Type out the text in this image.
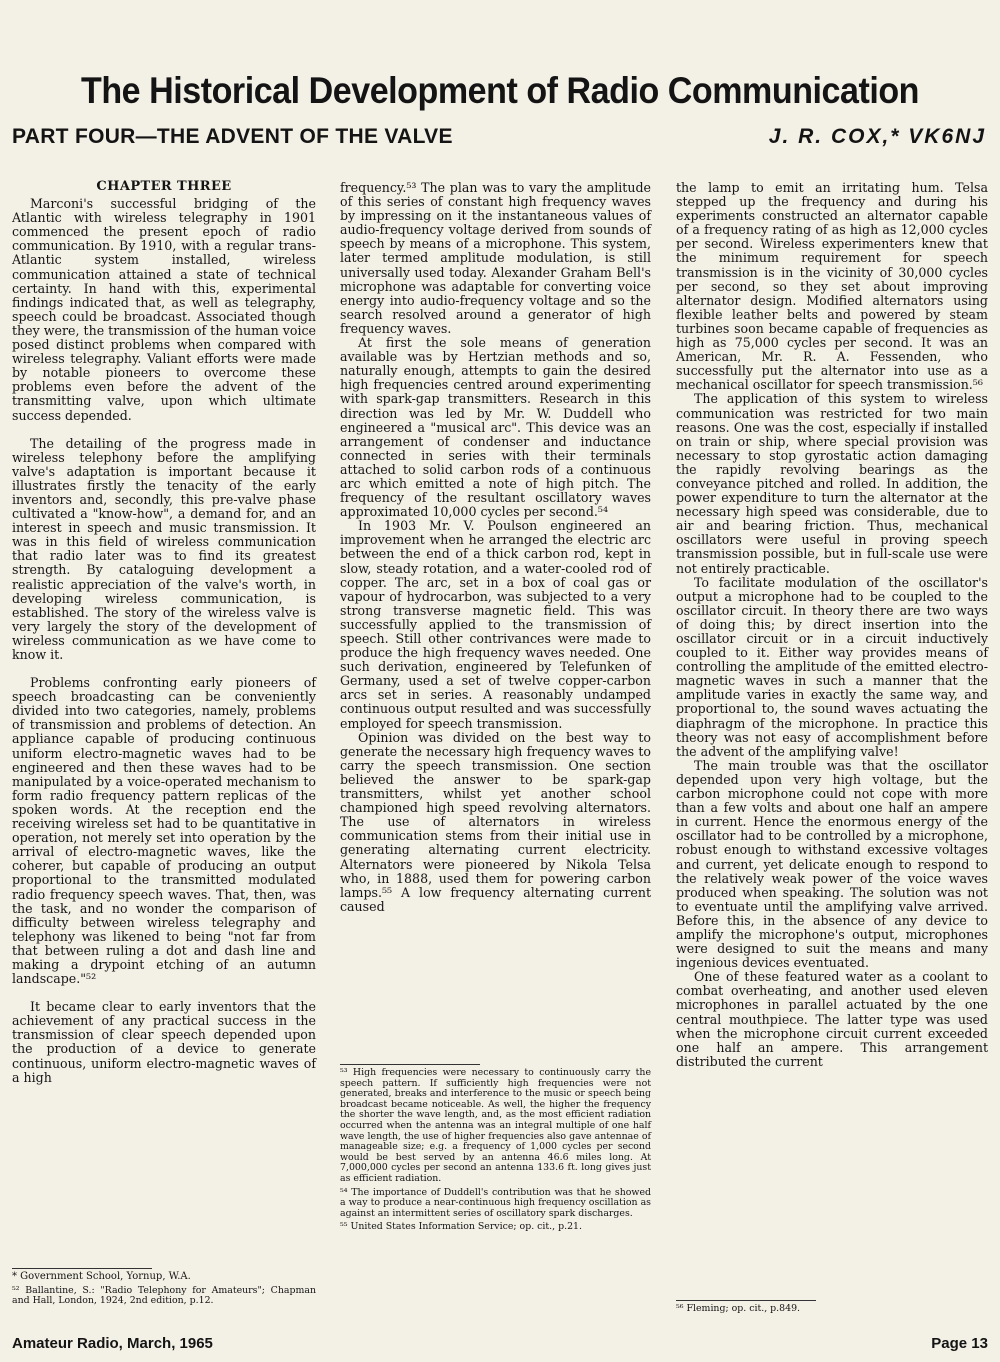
The Historical Development of Radio Communication
PART FOUR—THE ADVENT OF THE VALVE	J. R. COX,* VK6NJ
CHAPTER THREE

Marconi's successful bridging of the Atlantic with wireless telegraphy in 1901 commenced the present epoch of radio communication. By 1910, with a regular trans-Atlantic system installed, wireless communication attained a state of technical certainty. In hand with this, experimental findings indicated that, as well as telegraphy, speech could be broadcast. Associated though they were, the transmission of the human voice posed distinct problems when compared with wireless telegraphy. Valiant efforts were made by notable pioneers to overcome these problems even before the advent of the transmitting valve, upon which ultimate success depended.

The detailing of the progress made in wireless telephony before the amplifying valve's adaptation is important because it illustrates firstly the tenacity of the early inventors and, secondly, this pre-valve phase cultivated a "know-how", a demand for, and an interest in speech and music transmission. It was in this field of wireless communication that radio later was to find its greatest strength. By cataloguing development a realistic appreciation of the valve's worth, in developing wireless communication, is established. The story of the wireless valve is very largely the story of the development of wireless communication as we have come to know it.

Problems confronting early pioneers of speech broadcasting can be conveniently divided into two categories, namely, problems of transmission and problems of detection. An appliance capable of producing continuous uniform electro-magnetic waves had to be engineered and then these waves had to be manipulated by a voice-operated mechanism to form radio frequency pattern replicas of the spoken words. At the reception end the receiving wireless set had to be quantitative in operation, not merely set into operation by the arrival of electro-magnetic waves, like the coherer, but capable of producing an output proportional to the transmitted modulated radio frequency speech waves. That, then, was the task, and no wonder the comparison of difficulty between wireless telegraphy and telephony was likened to being "not far from that between ruling a dot and dash line and making a drypoint etching of an autumn landscape."⁵²

It became clear to early inventors that the achievement of any practical success in the transmission of clear speech depended upon the production of a device to generate continuous, uniform electro-magnetic waves of a high

frequency.⁵³ The plan was to vary the amplitude of this series of constant high frequency waves by impressing on it the instantaneous values of audio-frequency voltage derived from sounds of speech by means of a microphone. This system, later termed amplitude modulation, is still universally used today. Alexander Graham Bell's microphone was adaptable for converting voice energy into audio-frequency voltage and so the search resolved around a generator of high frequency waves.

At first the sole means of generation available was by Hertzian methods and so, naturally enough, attempts to gain the desired high frequencies centred around experimenting with spark-gap transmitters. Research in this direction was led by Mr. W. Duddell who engineered a "musical arc". This device was an arrangement of condenser and inductance connected in series with their terminals attached to solid carbon rods of a continuous arc which emitted a note of high pitch. The frequency of the resultant oscillatory waves approximated 10,000 cycles per second.⁵⁴

In 1903 Mr. V. Poulson engineered an improvement when he arranged the electric arc between the end of a thick carbon rod, kept in slow, steady rotation, and a water-cooled rod of copper. The arc, set in a box of coal gas or vapour of hydrocarbon, was subjected to a very strong transverse magnetic field. This was successfully applied to the transmission of speech. Still other contrivances were made to produce the high frequency waves needed. One such derivation, engineered by Telefunken of Germany, used a set of twelve copper-carbon arcs set in series. A reasonably undamped continuous output resulted and was successfully employed for speech transmission.

Opinion was divided on the best way to generate the necessary high frequency waves to carry the speech transmission. One section believed the answer to be spark-gap transmitters, whilst yet another school championed high speed revolving alternators. The use of alternators in wireless communication stems from their initial use in generating alternating current electricity. Alternators were pioneered by Nikola Telsa who, in 1888, used them for powering carbon lamps.⁵⁵ A low frequency alternating current caused

the lamp to emit an irritating hum. Telsa stepped up the frequency and during his experiments constructed an alternator capable of a frequency rating of as high as 12,000 cycles per second. Wireless experimenters knew that the minimum requirement for speech transmission is in the vicinity of 30,000 cycles per second, so they set about improving alternator design. Modified alternators using flexible leather belts and powered by steam turbines soon became capable of frequencies as high as 75,000 cycles per second. It was an American, Mr. R. A. Fessenden, who successfully put the alternator into use as a mechanical oscillator for speech transmission.⁵⁶

The application of this system to wireless communication was restricted for two main reasons. One was the cost, especially if installed on train or ship, where special provision was necessary to stop gyrostatic action damaging the rapidly revolving bearings as the conveyance pitched and rolled. In addition, the power expenditure to turn the alternator at the necessary high speed was considerable, due to air and bearing friction. Thus, mechanical oscillators were useful in proving speech transmission possible, but in full-scale use were not entirely practicable.

To facilitate modulation of the oscillator's output a microphone had to be coupled to the oscillator circuit. In theory there are two ways of doing this; by direct insertion into the oscillator circuit or in a circuit inductively coupled to it. Either way provides means of controlling the amplitude of the emitted electro-magnetic waves in such a manner that the amplitude varies in exactly the same way, and proportional to, the sound waves actuating the diaphragm of the microphone. In practice this theory was not easy of accomplishment before the advent of the amplifying valve!

The main trouble was that the oscillator depended upon very high voltage, but the carbon microphone could not cope with more than a few volts and about one half an ampere in current. Hence the enormous energy of the oscillator had to be controlled by a microphone, robust enough to withstand excessive voltages and current, yet delicate enough to respond to the relatively weak power of the voice waves produced when speaking. The solution was not to eventuate until the amplifying valve arrived. Before this, in the absence of any device to amplify the microphone's output, microphones were designed to suit the means and many ingenious devices eventuated.

One of these featured water as a coolant to combat overheating, and another used eleven microphones in parallel actuated by the one central mouthpiece. The latter type was used when the microphone circuit current exceeded one half an ampere. This arrangement distributed the current

* Government School, Yornup, W.A.

⁵² Ballantine, S.: "Radio Telephony for Amateurs"; Chapman and Hall, London, 1924, 2nd edition, p.12.

⁵³ High frequencies were necessary to continuously carry the speech pattern. If sufficiently high frequencies were not generated, breaks and interference to the music or speech being broadcast became noticeable. As well, the higher the frequency the shorter the wave length, and, as the most efficient radiation occurred when the antenna was an integral multiple of one half wave length, the use of higher frequencies also gave antennae of manageable size; e.g. a frequency of 1,000 cycles per second would be best served by an antenna 46.6 miles long. At 7,000,000 cycles per second an antenna 133.6 ft. long gives just as efficient radiation.

⁵⁴ The importance of Duddell's contribution was that he showed a way to produce a near-continuous high frequency oscillation as against an intermittent series of oscillatory spark discharges.

⁵⁵ United States Information Service; op. cit., p.21.

⁵⁶ Fleming; op. cit., p.849.

Amateur Radio, March, 1965	Page 13
